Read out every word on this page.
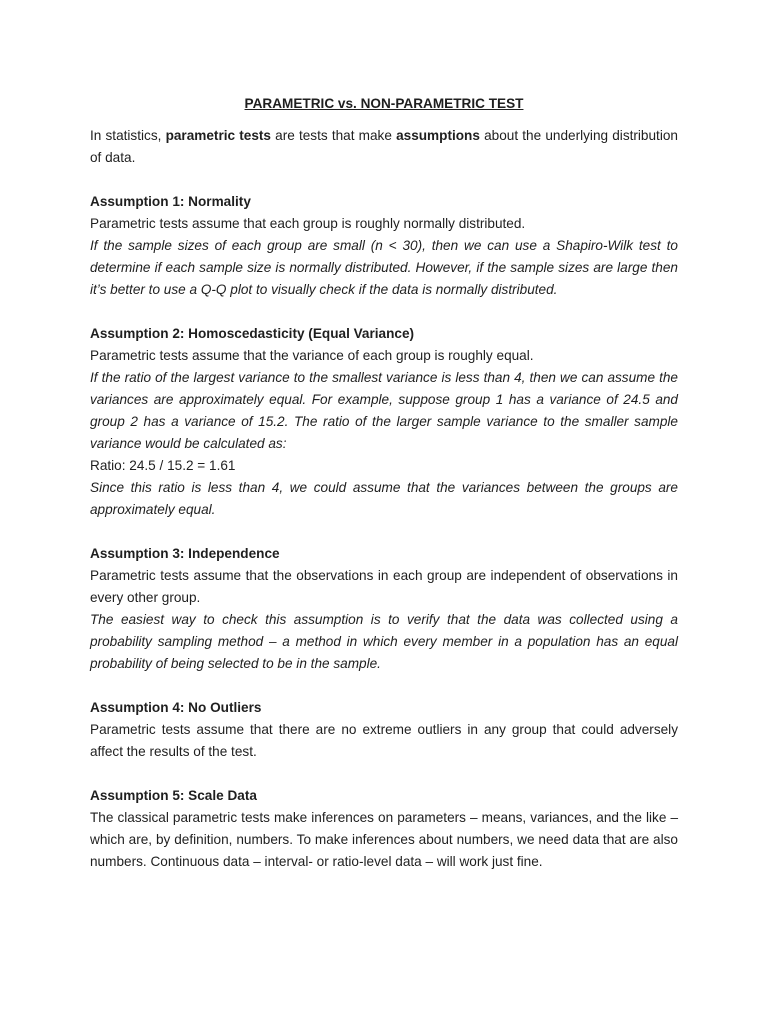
PARAMETRIC vs. NON-PARAMETRIC TEST

In statistics, parametric tests are tests that make assumptions about the underlying distribution of data.

Assumption 1: Normality

Parametric tests assume that each group is roughly normally distributed.

If the sample sizes of each group are small (n < 30), then we can use a Shapiro-Wilk test to determine if each sample size is normally distributed. However, if the sample sizes are large then it’s better to use a Q-Q plot to visually check if the data is normally distributed.

Assumption 2: Homoscedasticity (Equal Variance)

Parametric tests assume that the variance of each group is roughly equal.

If the ratio of the largest variance to the smallest variance is less than 4, then we can assume the variances are approximately equal. For example, suppose group 1 has a variance of 24.5 and group 2 has a variance of 15.2. The ratio of the larger sample variance to the smaller sample variance would be calculated as:

Ratio: 24.5 / 15.2 = 1.61

Since this ratio is less than 4, we could assume that the variances between the groups are approximately equal.

Assumption 3: Independence

Parametric tests assume that the observations in each group are independent of observations in every other group.

The easiest way to check this assumption is to verify that the data was collected using a probability sampling method – a method in which every member in a population has an equal probability of being selected to be in the sample.

Assumption 4: No Outliers

Parametric tests assume that there are no extreme outliers in any group that could adversely affect the results of the test.

Assumption 5: Scale Data

The classical parametric tests make inferences on parameters – means, variances, and the like – which are, by definition, numbers. To make inferences about numbers, we need data that are also numbers. Continuous data – interval- or ratio-level data – will work just fine.
